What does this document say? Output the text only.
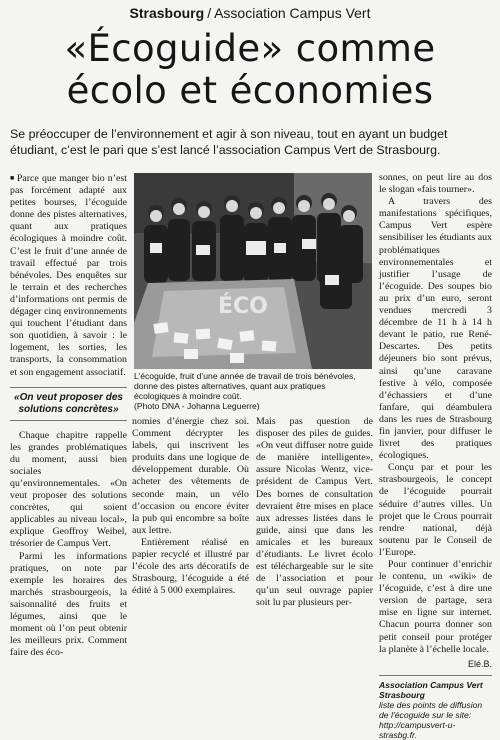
Strasbourg / Association Campus Vert
«Écoguide» comme
écolo et économies

Se préoccuper de l’environnement et agir à son niveau, tout en ayant un budget étudiant, c’est le pari que s’est lancé l’association Campus Vert de Strasbourg.

■ Parce que manger bio n’est pas forcément adapté aux petites bourses, l’écoguide donne des pistes alternatives, quant aux pratiques écologiques à moindre coût. C’est le fruit d’une année de travail effectué par trois bénévoles. Des enquêtes sur le terrain et des recherches d’informations ont permis de dégager cinq environnements qui touchent l’étudiant dans son quotidien, à savoir : le logement, les sorties, les transports, la consommation et son engagement associatif.

«On veut proposer des solutions concrètes»

Chaque chapitre rappelle les grandes problématiques du moment, aussi bien sociales qu’environnementales. «On veut proposer des solutions concrètes, qui soient applicables au niveau local», explique Geoffroy Weibel, trésorier de Campus Vert.

Parmi les informations pratiques, on note par exemple les horaires des marchés strasbourgeois, la saisonnalité des fruits et légumes, ainsi que le moment où l’on peut obtenir les meilleurs prix. Comment faire des éco-

ÉCO

L’écoguide, fruit d’une année de travail de trois bénévoles, donne des pistes alternatives, quant aux pratiques écologiques à moindre coût.
(Photo DNA - Johanna Leguerre)

nomies d’énergie chez soi. Comment décrypter les labels, qui inscrivent les produits dans une logique de développement durable. Où acheter des vêtements de seconde main, un vélo d’occasion ou encore éviter la pub qui encombre sa boîte aux lettre.

Entièrement réalisé en papier recyclé et illustré par l’école des arts décoratifs de Strasbourg, l’écoguide a été édité à 5 000 exemplaires.

Mais pas question de disposer des piles de guides. «On veut diffuser notre guide de manière intelligente», assure Nicolas Wentz, vice-président de Campus Vert. Des bornes de consultation devraient être mises en place aux adresses listées dans le guide, ainsi que dans les amicales et les bureaux d’étudiants. Le livret écolo est téléchargeable sur le site de l’association et pour qu’un seul ouvrage papier soit lu par plusieurs per-

sonnes, on peut lire au dos le slogan «fais tourner».

A travers des manifestations spécifiques, Campus Vert espère sensibiliser les étudiants aux problématiques environnementales et justifier l’usage de l’écoguide. Des soupes bio au prix d’un euro, seront vendues mercredi 3 décembre de 11 h à 14 h devant le patio, rue René-Descartes. Des petits déjeuners bio sont prévus, ainsi qu’une caravane festive à vélo, composée d’échassiers et d’une fanfare, qui déambulera dans les rues de Strasbourg fin janvier, pour diffuser le livret des pratiques écologiques.

Conçu par et pour les strasbourgeois, le concept de l’écoguide pourrait séduire d’autres villes. Un projet que le Crous pourrait rendre national, déjà soutenu par le Conseil de l’Europe.

Pour continuer d’enrichir le contenu, un «wiki» de l’écoguide, c’est à dire une version de partage, sera mise en ligne sur internet. Chacun pourra donner son petit conseil pour protéger la planète à l’échelle locale.

Elé.B.

Association Campus Vert Strasbourg
liste des points de diffusion de l’écoguide sur le site: http://campusvert-u-strasbg.fr.
